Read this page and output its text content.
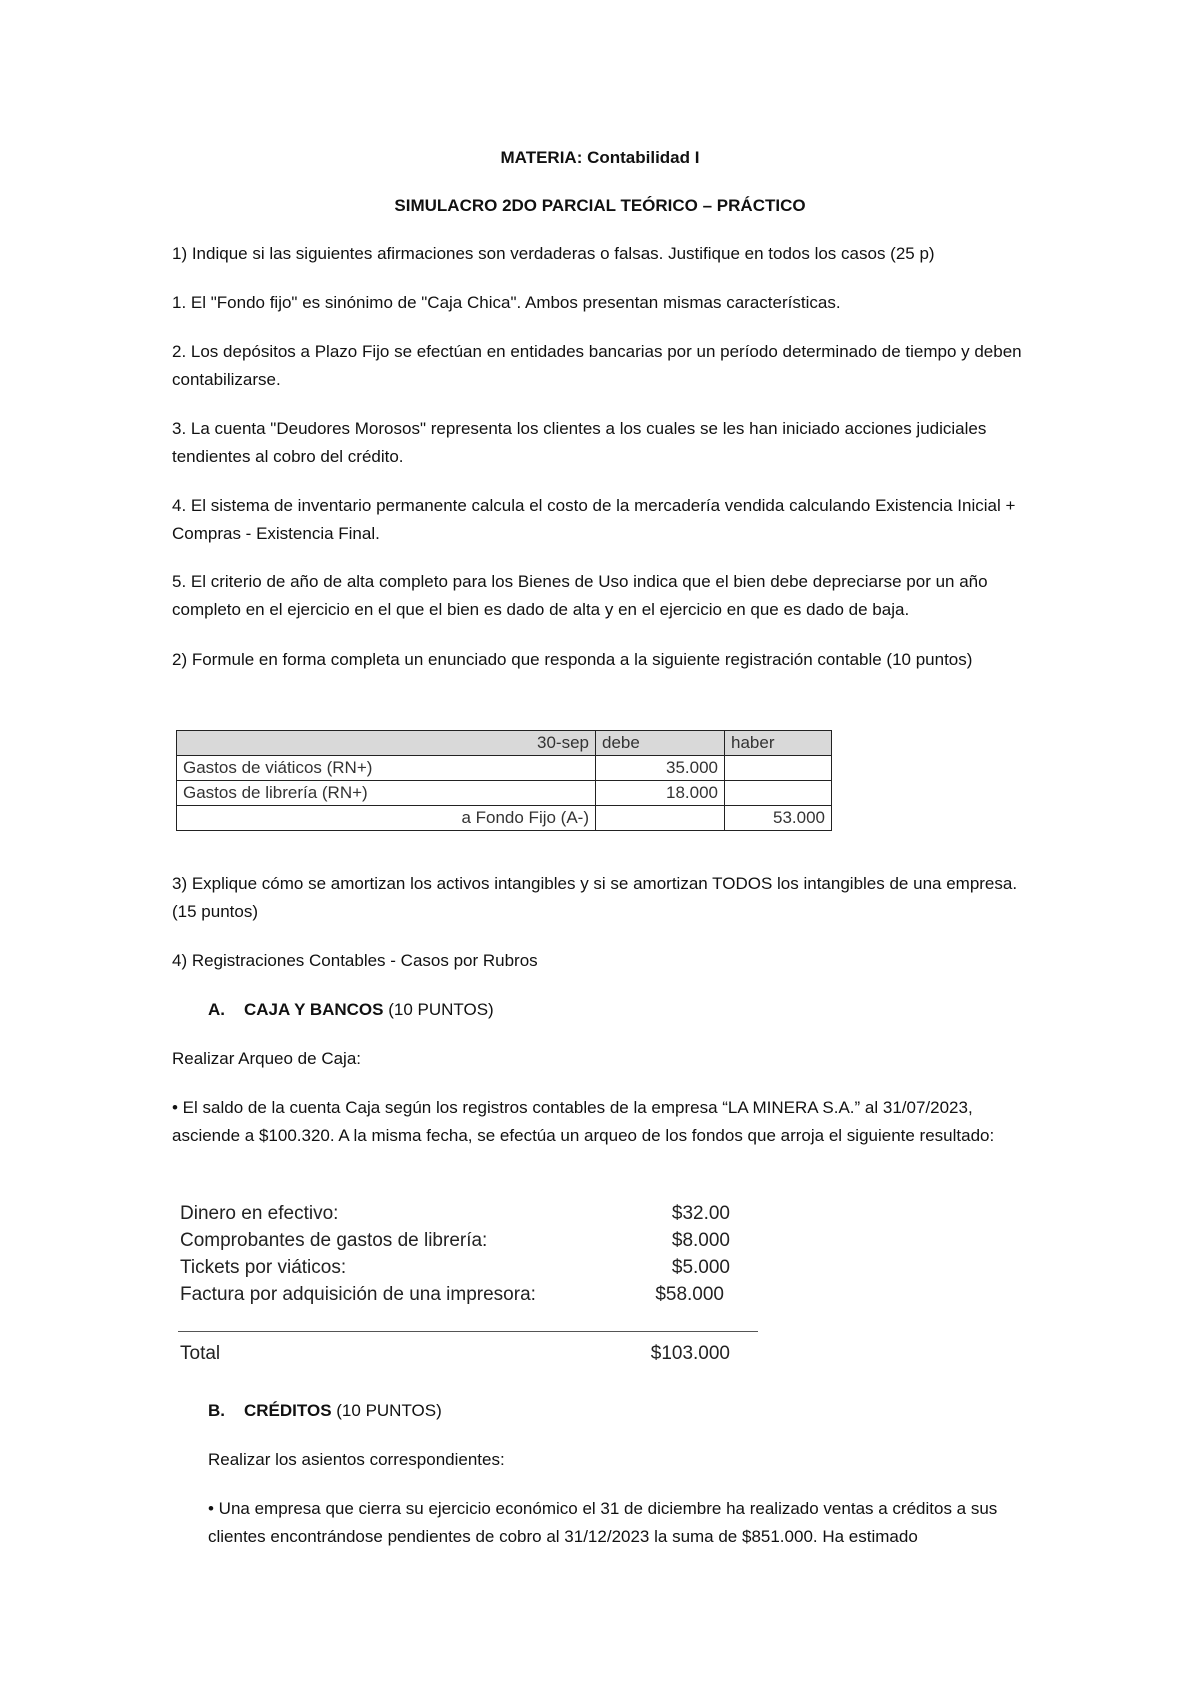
MATERIA: Contabilidad I
SIMULACRO 2DO PARCIAL TEÓRICO – PRÁCTICO
1) Indique si las siguientes afirmaciones son verdaderas o falsas. Justifique en todos los casos (25 p)
1. El "Fondo fijo" es sinónimo de "Caja Chica". Ambos presentan mismas características.
2. Los depósitos a Plazo Fijo se efectúan en entidades bancarias por un período determinado de tiempo y deben contabilizarse.
3. La cuenta "Deudores Morosos" representa los clientes a los cuales se les han iniciado acciones judiciales tendientes al cobro del crédito.
4. El sistema de inventario permanente calcula el costo de la mercadería vendida calculando Existencia Inicial + Compras - Existencia Final.
5. El criterio de año de alta completo para los Bienes de Uso indica que el bien debe depreciarse por un año completo en el ejercicio en el que el bien es dado de alta y en el ejercicio en que es dado de baja.
2) Formule en forma completa un enunciado que responda a la siguiente registración contable (10 puntos)
30-sep	debe	haber
Gastos de viáticos (RN+)	35.000	
Gastos de librería (RN+)	18.000	
a Fondo Fijo (A-)		53.000
3) Explique cómo se amortizan los activos intangibles y si se amortizan TODOS los intangibles de una empresa. (15 puntos)
4) Registraciones Contables - Casos por Rubros
A. CAJA Y BANCOS (10 PUNTOS)
Realizar Arqueo de Caja:
• El saldo de la cuenta Caja según los registros contables de la empresa “LA MINERA S.A.” al 31/07/2023, asciende a $100.320. A la misma fecha, se efectúa un arqueo de los fondos que arroja el siguiente resultado:
Dinero en efectivo:	$32.00
Comprobantes de gastos de librería:	$8.000
Tickets por viáticos:	$5.000
Factura por adquisición de una impresora:	$58.000
Total	$103.000
B. CRÉDITOS (10 PUNTOS)
Realizar los asientos correspondientes:
• Una empresa que cierra su ejercicio económico el 31 de diciembre ha realizado ventas a créditos a sus clientes encontrándose pendientes de cobro al 31/12/2023 la suma de $851.000. Ha estimado
